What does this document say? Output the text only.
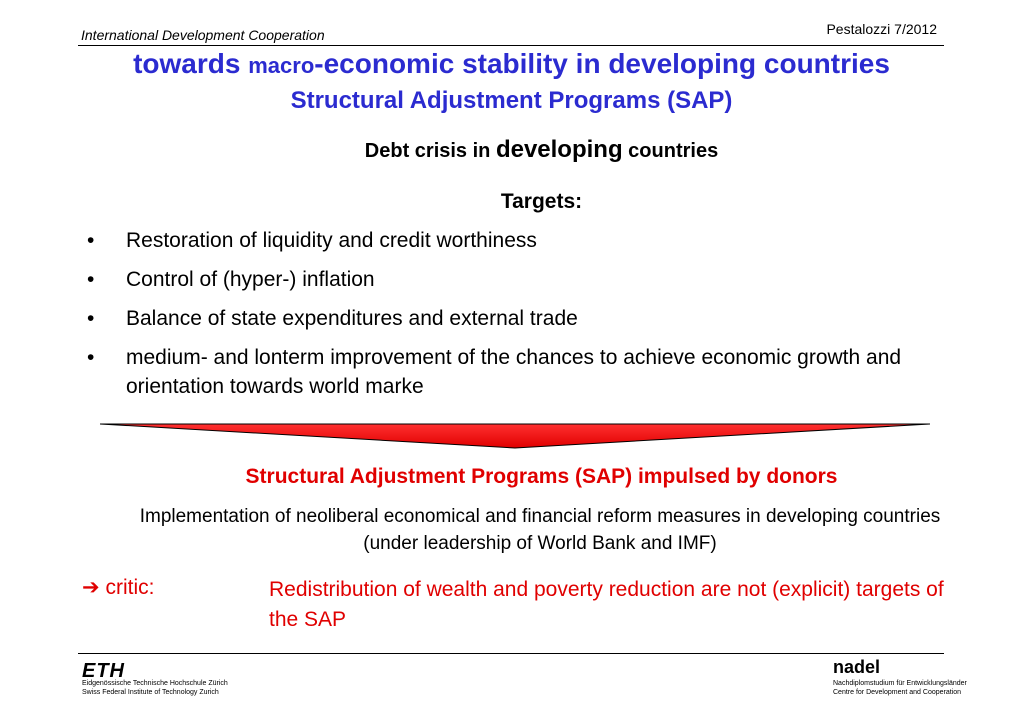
International Development Cooperation	Pestalozzi 7/2012
towards macro-economic stability in developing countries
Structural Adjustment Programs (SAP)
Debt crisis in developing countries
Targets:
• Restoration of liquidity and credit worthiness
• Control of (hyper-) inflation
• Balance of state expenditures and external trade
• medium- and lonterm improvement of the chances to achieve economic growth and orientation towards world marke
Structural Adjustment Programs (SAP) impulsed by donors
Implementation of neoliberal economical and financial reform measures in developing countries (under leadership of World Bank and IMF)
➔ critic:	Redistribution of wealth and poverty reduction are not (explicit) targets of the SAP
ETH
Eidgenössische Technische Hochschule Zürich
Swiss Federal Institute of Technology Zurich
nadel
Nachdiplomstudium für Entwicklungsländer
Centre for Development and Cooperation
